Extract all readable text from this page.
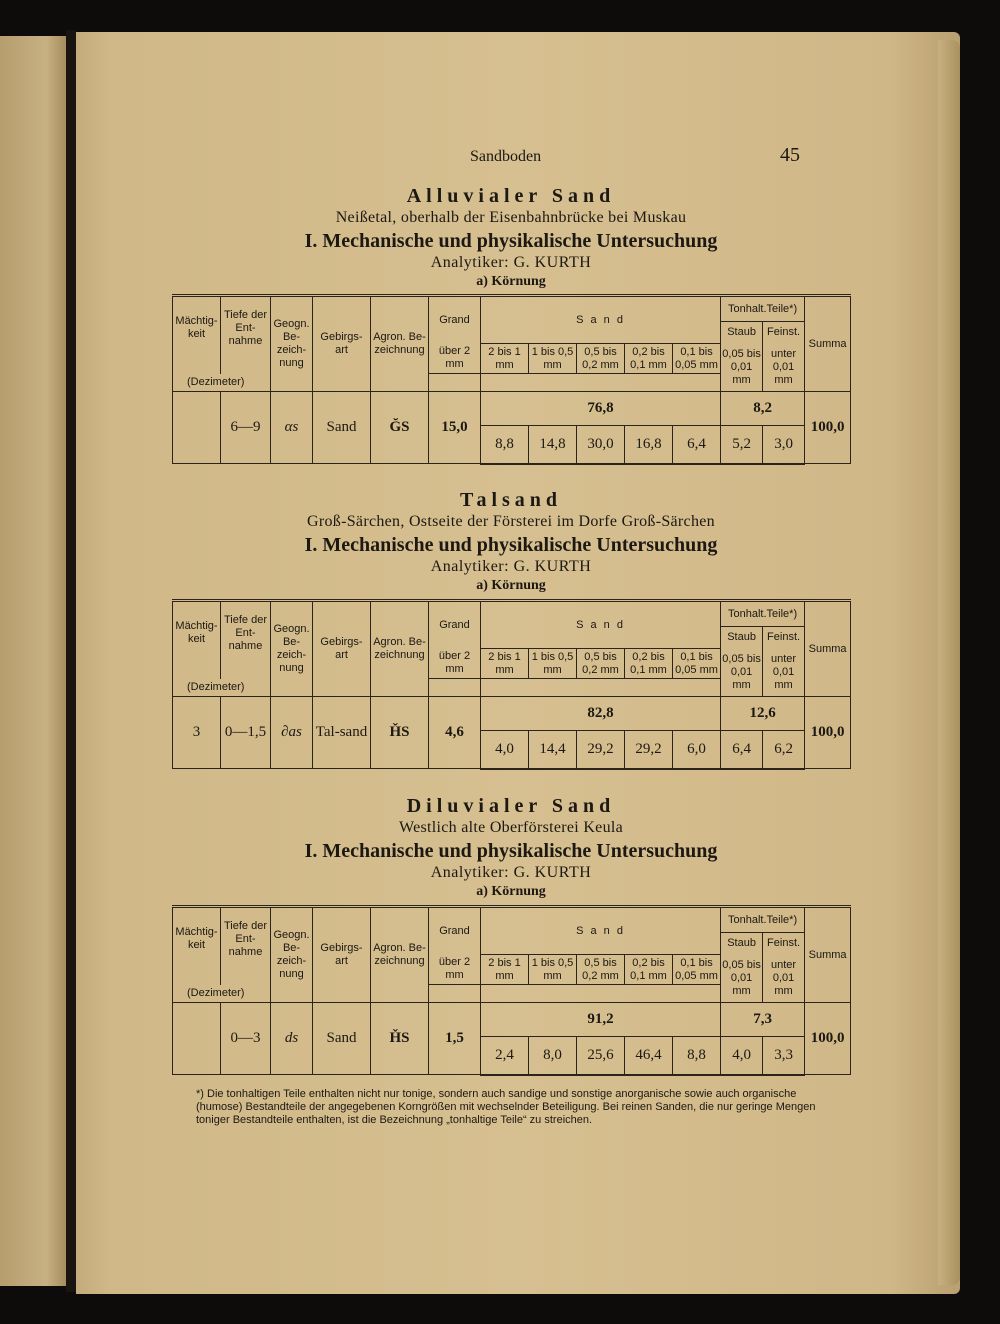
Sandboden	45
Alluvialer Sand
Neißetal, oberhalb der Eisenbahnbrücke bei Muskau
I. Mechanische und physikalische Untersuchung
Analytiker: G. KURTH
a) Körnung
Mächtig-keit	Tiefe der Ent-nahme	Geogn. Be-zeich-nung	Gebirgs-art	Agron. Be-zeichnung	Grand	S a n d					Tonhalt.Teile*)		Summa
											Staub	Feinst.	
					über 2 mm	2 bis 1 mm	1 bis 0,5 mm	0,5 bis 0,2 mm	0,2 bis 0,1 mm	0,1 bis 0,05 mm	0,05 bis 0,01 mm	unter 0,01 mm	
(Dezimeter)													
	6—9	αs	Sand	ĞS	15,0	76,8					8,2		100,0
						8,8	14,8	30,0	16,8	6,4	5,2	3,0	
Talsand
Groß-Särchen, Ostseite der Försterei im Dorfe Groß-Särchen
I. Mechanische und physikalische Untersuchung
Analytiker: G. KURTH
a) Körnung
Mächtig-keit	Tiefe der Ent-nahme	Geogn. Be-zeich-nung	Gebirgs-art	Agron. Be-zeichnung	Grand	S a n d					Tonhalt.Teile*)		Summa
											Staub	Feinst.	
					über 2 mm	2 bis 1 mm	1 bis 0,5 mm	0,5 bis 0,2 mm	0,2 bis 0,1 mm	0,1 bis 0,05 mm	0,05 bis 0,01 mm	unter 0,01 mm	
(Dezimeter)													
3	0—1,5	∂as	Tal-sand	ȞS	4,6	82,8					12,6		100,0
						4,0	14,4	29,2	29,2	6,0	6,4	6,2	
Diluvialer Sand
Westlich alte Oberförsterei Keula
I. Mechanische und physikalische Untersuchung
Analytiker: G. KURTH
a) Körnung
Mächtig-keit	Tiefe der Ent-nahme	Geogn. Be-zeich-nung	Gebirgs-art	Agron. Be-zeichnung	Grand	S a n d					Tonhalt.Teile*)		Summa
											Staub	Feinst.	
					über 2 mm	2 bis 1 mm	1 bis 0,5 mm	0,5 bis 0,2 mm	0,2 bis 0,1 mm	0,1 bis 0,05 mm	0,05 bis 0,01 mm	unter 0,01 mm	
(Dezimeter)													
	0—3	ds	Sand	ȞS	1,5	91,2					7,3		100,0
						2,4	8,0	25,6	46,4	8,8	4,0	3,3	
*) Die tonhaltigen Teile enthalten nicht nur tonige, sondern auch sandige und sonstige anorganische sowie auch organische (humose) Bestandteile der angegebenen Korngrößen mit wechselnder Beteiligung. Bei reinen Sanden, die nur geringe Mengen toniger Bestandteile enthalten, ist die Bezeichnung „tonhaltige Teile“ zu streichen.
